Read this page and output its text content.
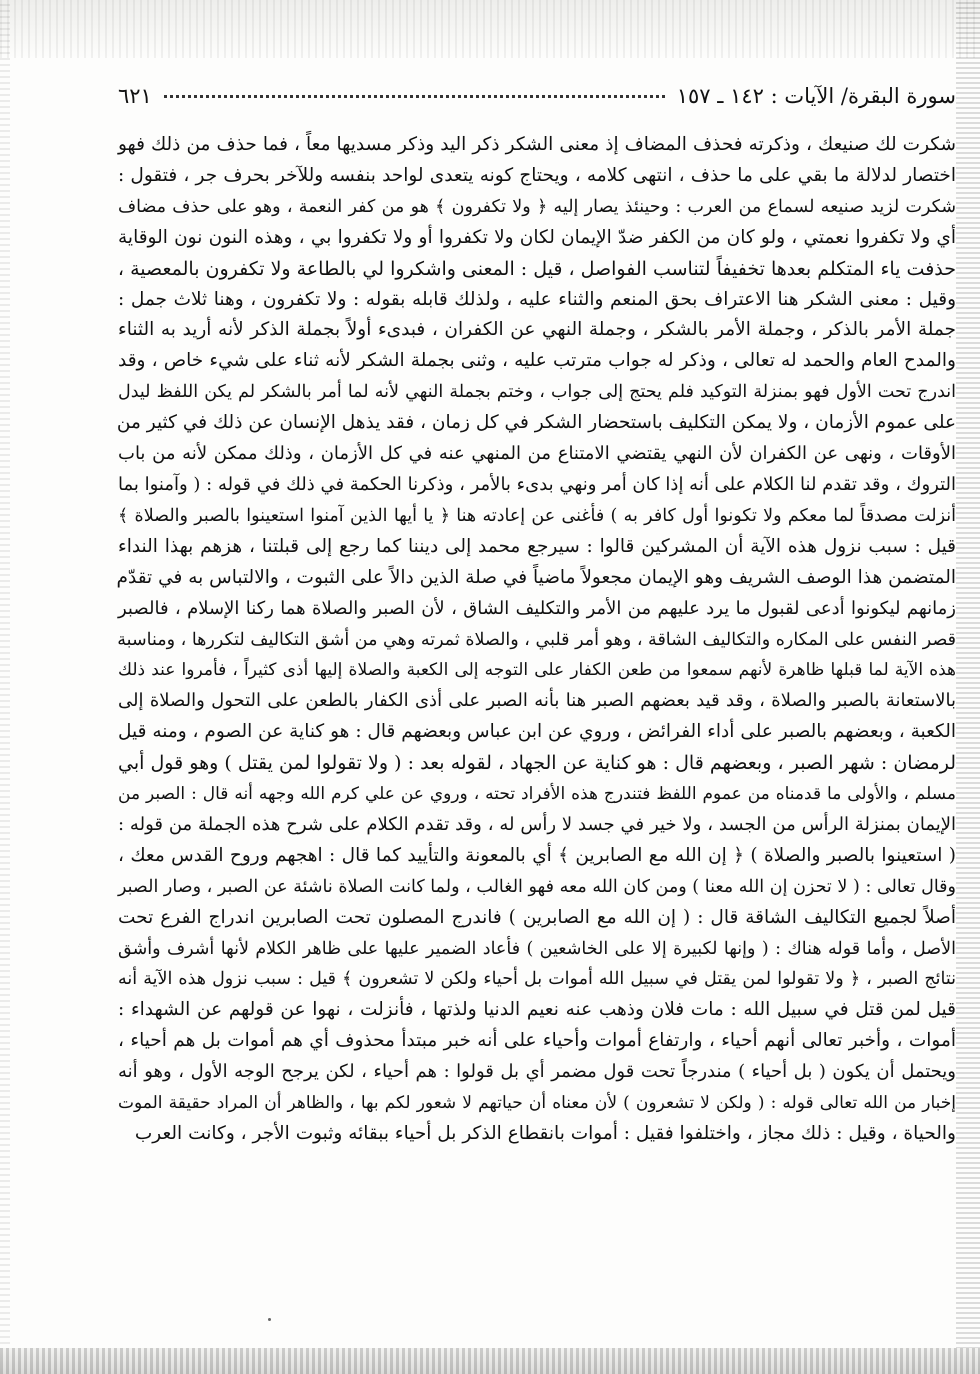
سورة البقرة/ الآيات : ١٤٢ ـ ١٥٧
٦٢١

شكرت لك صنيعك ، وذكرته فحذف المضاف إذ معنى الشكر ذكر اليد وذكر مسديها معاً ، فما حذف من ذلك فهو

اختصار لدلالة ما بقي على ما حذف ، انتهى كلامه ، ويحتاج كونه يتعدى لواحد بنفسه وللآخر بحرف جر ، فتقول :

شكرت لزيد صنيعه لسماع من العرب : وحينئذ يصار إليه ﴿ ولا تكفرون ﴾ هو من كفر النعمة ، وهو على حذف مضاف

أي ولا تكفروا نعمتي ، ولو كان من الكفر ضدّ الإيمان لكان ولا تكفروا أو ولا تكفروا بي ، وهذه النون نون الوقاية

حذفت ياء المتكلم بعدها تخفيفاً لتناسب الفواصل ، قيل : المعنى واشكروا لي بالطاعة ولا تكفرون بالمعصية ،

وقيل : معنى الشكر هنا الاعتراف بحق المنعم والثناء عليه ، ولذلك قابله بقوله : ولا تكفرون ، وهنا ثلاث جمل :

جملة الأمر بالذكر ، وجملة الأمر بالشكر ، وجملة النهي عن الكفران ، فبدىء أولاً بجملة الذكر لأنه أريد به الثناء

والمدح العام والحمد له تعالى ، وذكر له جواب مترتب عليه ، وثنى بجملة الشكر لأنه ثناء على شيء خاص ، وقد

اندرج تحت الأول فهو بمنزلة التوكيد فلم يحتج إلى جواب ، وختم بجملة النهي لأنه لما أمر بالشكر لم يكن اللفظ ليدل

على عموم الأزمان ، ولا يمكن التكليف باستحضار الشكر في كل زمان ، فقد يذهل الإنسان عن ذلك في كثير من

الأوقات ، ونهى عن الكفران لأن النهي يقتضي الامتناع من المنهي عنه في كل الأزمان ، وذلك ممكن لأنه من باب

التروك ، وقد تقدم لنا الكلام على أنه إذا كان أمر ونهي بدىء بالأمر ، وذكرنا الحكمة في ذلك في قوله : ( وآمنوا بما

أنزلت مصدقاً لما معكم ولا تكونوا أول كافر به ) فأغنى عن إعادته هنا ﴿ يا أيها الذين آمنوا استعينوا بالصبر والصلاة ﴾

قيل : سبب نزول هذه الآية أن المشركين قالوا : سيرجع محمد إلى ديننا كما رجع إلى قبلتنا ، هزهم بهذا النداء

المتضمن هذا الوصف الشريف وهو الإيمان مجعولاً ماضياً في صلة الذين دالاً على الثبوت ، والالتباس به في تقدّم

زمانهم ليكونوا أدعى لقبول ما يرد عليهم من الأمر والتكليف الشاق ، لأن الصبر والصلاة هما ركنا الإسلام ، فالصبر

قصر النفس على المكاره والتكاليف الشاقة ، وهو أمر قلبي ، والصلاة ثمرته وهي من أشق التكاليف لتكررها ، ومناسبة

هذه الآية لما قبلها ظاهرة لأنهم سمعوا من طعن الكفار على التوجه إلى الكعبة والصلاة إليها أذى كثيراً ، فأمروا عند ذلك

بالاستعانة بالصبر والصلاة ، وقد قيد بعضهم الصبر هنا بأنه الصبر على أذى الكفار بالطعن على التحول والصلاة إلى

الكعبة ، وبعضهم بالصبر على أداء الفرائض ، وروي عن ابن عباس وبعضهم قال : هو كناية عن الصوم ، ومنه قيل

لرمضان : شهر الصبر ، وبعضهم قال : هو كناية عن الجهاد ، لقوله بعد : ( ولا تقولوا لمن يقتل ) وهو قول أبي

مسلم ، والأولى ما قدمناه من عموم اللفظ فتندرج هذه الأفراد تحته ، وروي عن علي كرم الله وجهه أنه قال : الصبر من

الإيمان بمنزلة الرأس من الجسد ، ولا خير في جسد لا رأس له ، وقد تقدم الكلام على شرح هذه الجملة من قوله :

( استعينوا بالصبر والصلاة ) ﴿ إن الله مع الصابرين ﴾ أي بالمعونة والتأييد كما قال : اهجهم وروح القدس معك ،

وقال تعالى : ( لا تحزن إن الله معنا ) ومن كان الله معه فهو الغالب ، ولما كانت الصلاة ناشئة عن الصبر ، وصار الصبر

أصلاً لجميع التكاليف الشاقة قال : ( إن الله مع الصابرين ) فاندرج المصلون تحت الصابرين اندراج الفرع تحت

الأصل ، وأما قوله هناك : ( وإنها لكبيرة إلا على الخاشعين ) فأعاد الضمير عليها على ظاهر الكلام لأنها أشرف وأشق

نتائج الصبر ، ﴿ ولا تقولوا لمن يقتل في سبيل الله أموات بل أحياء ولكن لا تشعرون ﴾ قيل : سبب نزول هذه الآية أنه

قيل لمن قتل في سبيل الله : مات فلان وذهب عنه نعيم الدنيا ولذتها ، فأنزلت ، نهوا عن قولهم عن الشهداء :

أموات ، وأخبر تعالى أنهم أحياء ، وارتفاع أموات وأحياء على أنه خبر مبتدأ محذوف أي هم أموات بل هم أحياء ،

ويحتمل أن يكون ( بل أحياء ) مندرجاً تحت قول مضمر أي بل قولوا : هم أحياء ، لكن يرجح الوجه الأول ، وهو أنه

إخبار من الله تعالى قوله : ( ولكن لا تشعرون ) لأن معناه أن حياتهم لا شعور لكم بها ، والظاهر أن المراد حقيقة الموت

والحياة ، وقيل : ذلك مجاز ، واختلفوا فقيل : أموات بانقطاع الذكر بل أحياء ببقائه وثبوت الأجر ، وكانت العرب
